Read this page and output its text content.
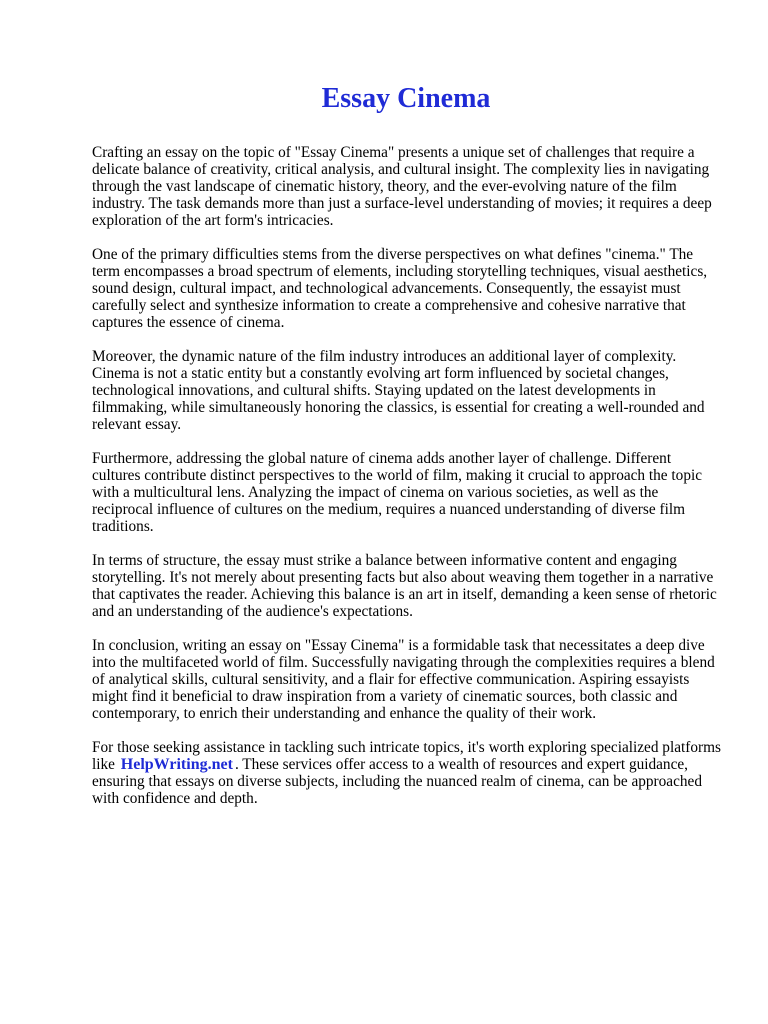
Essay Cinema

Crafting an essay on the topic of "Essay Cinema" presents a unique set of challenges that require a delicate balance of creativity, critical analysis, and cultural insight. The complexity lies in navigating through the vast landscape of cinematic history, theory, and the ever-evolving nature of the film industry. The task demands more than just a surface-level understanding of movies; it requires a deep exploration of the art form's intricacies.

One of the primary difficulties stems from the diverse perspectives on what defines "cinema." The term encompasses a broad spectrum of elements, including storytelling techniques, visual aesthetics, sound design, cultural impact, and technological advancements. Consequently, the essayist must carefully select and synthesize information to create a comprehensive and cohesive narrative that captures the essence of cinema.

Moreover, the dynamic nature of the film industry introduces an additional layer of complexity. Cinema is not a static entity but a constantly evolving art form influenced by societal changes, technological innovations, and cultural shifts. Staying updated on the latest developments in filmmaking, while simultaneously honoring the classics, is essential for creating a well-rounded and relevant essay.

Furthermore, addressing the global nature of cinema adds another layer of challenge. Different cultures contribute distinct perspectives to the world of film, making it crucial to approach the topic with a multicultural lens. Analyzing the impact of cinema on various societies, as well as the reciprocal influence of cultures on the medium, requires a nuanced understanding of diverse film traditions.

In terms of structure, the essay must strike a balance between informative content and engaging storytelling. It's not merely about presenting facts but also about weaving them together in a narrative that captivates the reader. Achieving this balance is an art in itself, demanding a keen sense of rhetoric and an understanding of the audience's expectations.

In conclusion, writing an essay on "Essay Cinema" is a formidable task that necessitates a deep dive into the multifaceted world of film. Successfully navigating through the complexities requires a blend of analytical skills, cultural sensitivity, and a flair for effective communication. Aspiring essayists might find it beneficial to draw inspiration from a variety of cinematic sources, both classic and contemporary, to enrich their understanding and enhance the quality of their work.

For those seeking assistance in tackling such intricate topics, it's worth exploring specialized platforms like HelpWriting.net . These services offer access to a wealth of resources and expert guidance, ensuring that essays on diverse subjects, including the nuanced realm of cinema, can be approached with confidence and depth.
